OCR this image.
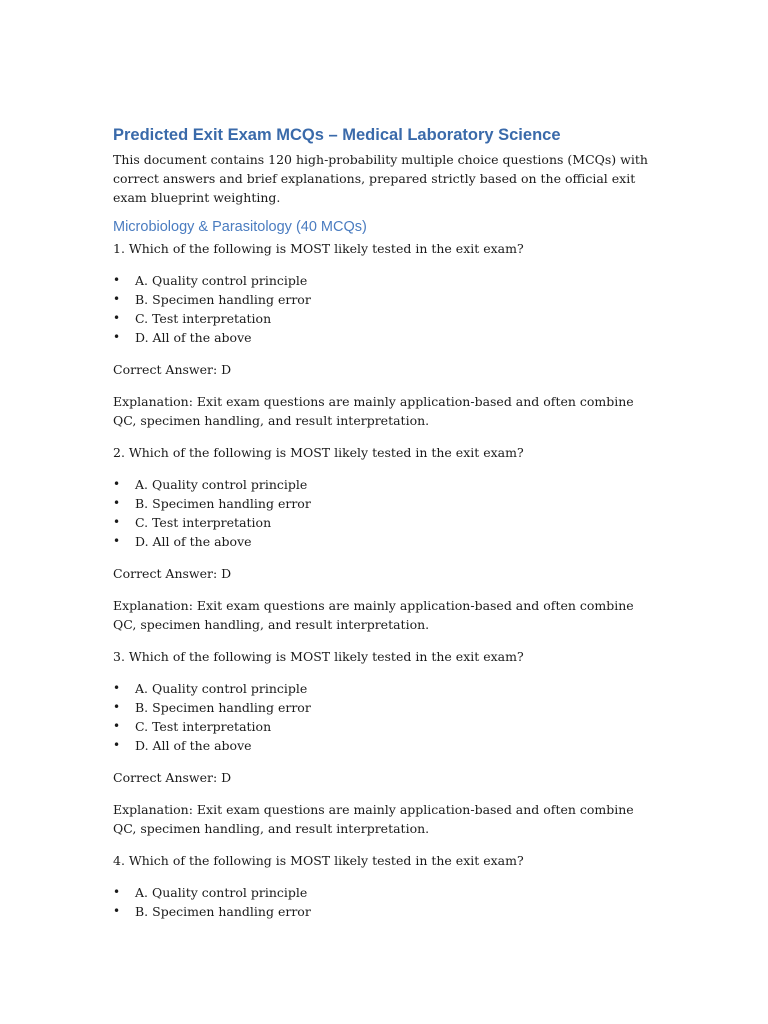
Predicted Exit Exam MCQs – Medical Laboratory Science
This document contains 120 high-probability multiple choice questions (MCQs) with correct answers and brief explanations, prepared strictly based on the official exit exam blueprint weighting.
Microbiology & Parasitology (40 MCQs)
1. Which of the following is MOST likely tested in the exit exam?
• A. Quality control principle
• B. Specimen handling error
• C. Test interpretation
• D. All of the above
Correct Answer: D
Explanation: Exit exam questions are mainly application-based and often combine QC, specimen handling, and result interpretation.
2. Which of the following is MOST likely tested in the exit exam?
• A. Quality control principle
• B. Specimen handling error
• C. Test interpretation
• D. All of the above
Correct Answer: D
Explanation: Exit exam questions are mainly application-based and often combine QC, specimen handling, and result interpretation.
3. Which of the following is MOST likely tested in the exit exam?
• A. Quality control principle
• B. Specimen handling error
• C. Test interpretation
• D. All of the above
Correct Answer: D
Explanation: Exit exam questions are mainly application-based and often combine QC, specimen handling, and result interpretation.
4. Which of the following is MOST likely tested in the exit exam?
• A. Quality control principle
• B. Specimen handling error
